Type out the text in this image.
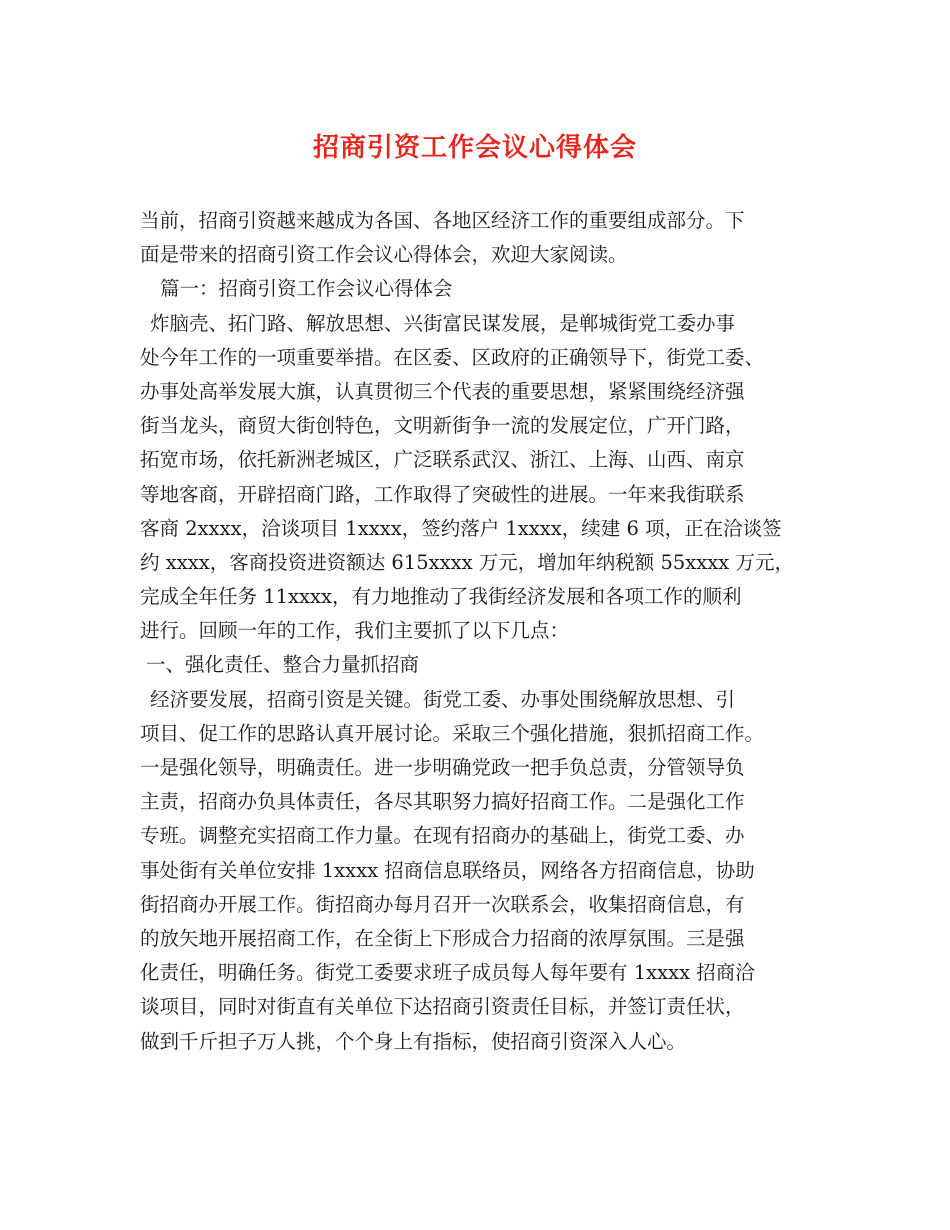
招商引资工作会议心得体会
当前，招商引资越来越成为各国、各地区经济工作的重要组成部分。下
面是带来的招商引资工作会议心得体会，欢迎大家阅读。
篇一：招商引资工作会议心得体会
炸脑壳、拓门路、解放思想、兴街富民谋发展，是郸城街党工委办事
处今年工作的一项重要举措。在区委、区政府的正确领导下，街党工委、
办事处高举发展大旗，认真贯彻三个代表的重要思想，紧紧围绕经济强
街当龙头，商贸大街创特色，文明新街争一流的发展定位，广开门路，
拓宽市场，依托新洲老城区，广泛联系武汉、浙江、上海、山西、南京
等地客商，开辟招商门路，工作取得了突破性的进展。一年来我街联系
客商 2xxxx，洽谈项目 1xxxx，签约落户 1xxxx，续建 6 项，正在洽谈签
约 xxxx，客商投资进资额达 615xxxx 万元，增加年纳税额 55xxxx 万元，
完成全年任务 11xxxx，有力地推动了我街经济发展和各项工作的顺利
进行。回顾一年的工作，我们主要抓了以下几点：
一、强化责任、整合力量抓招商
经济要发展，招商引资是关键。街党工委、办事处围绕解放思想、引
项目、促工作的思路认真开展讨论。采取三个强化措施，狠抓招商工作。
一是强化领导，明确责任。进一步明确党政一把手负总责，分管领导负
主责，招商办负具体责任，各尽其职努力搞好招商工作。二是强化工作
专班。调整充实招商工作力量。在现有招商办的基础上，街党工委、办
事处街有关单位安排 1xxxx 招商信息联络员，网络各方招商信息，协助
街招商办开展工作。街招商办每月召开一次联系会，收集招商信息，有
的放矢地开展招商工作，在全街上下形成合力招商的浓厚氛围。三是强
化责任，明确任务。街党工委要求班子成员每人每年要有 1xxxx 招商洽
谈项目，同时对街直有关单位下达招商引资责任目标，并签订责任状，
做到千斤担子万人挑，个个身上有指标，使招商引资深入人心。
